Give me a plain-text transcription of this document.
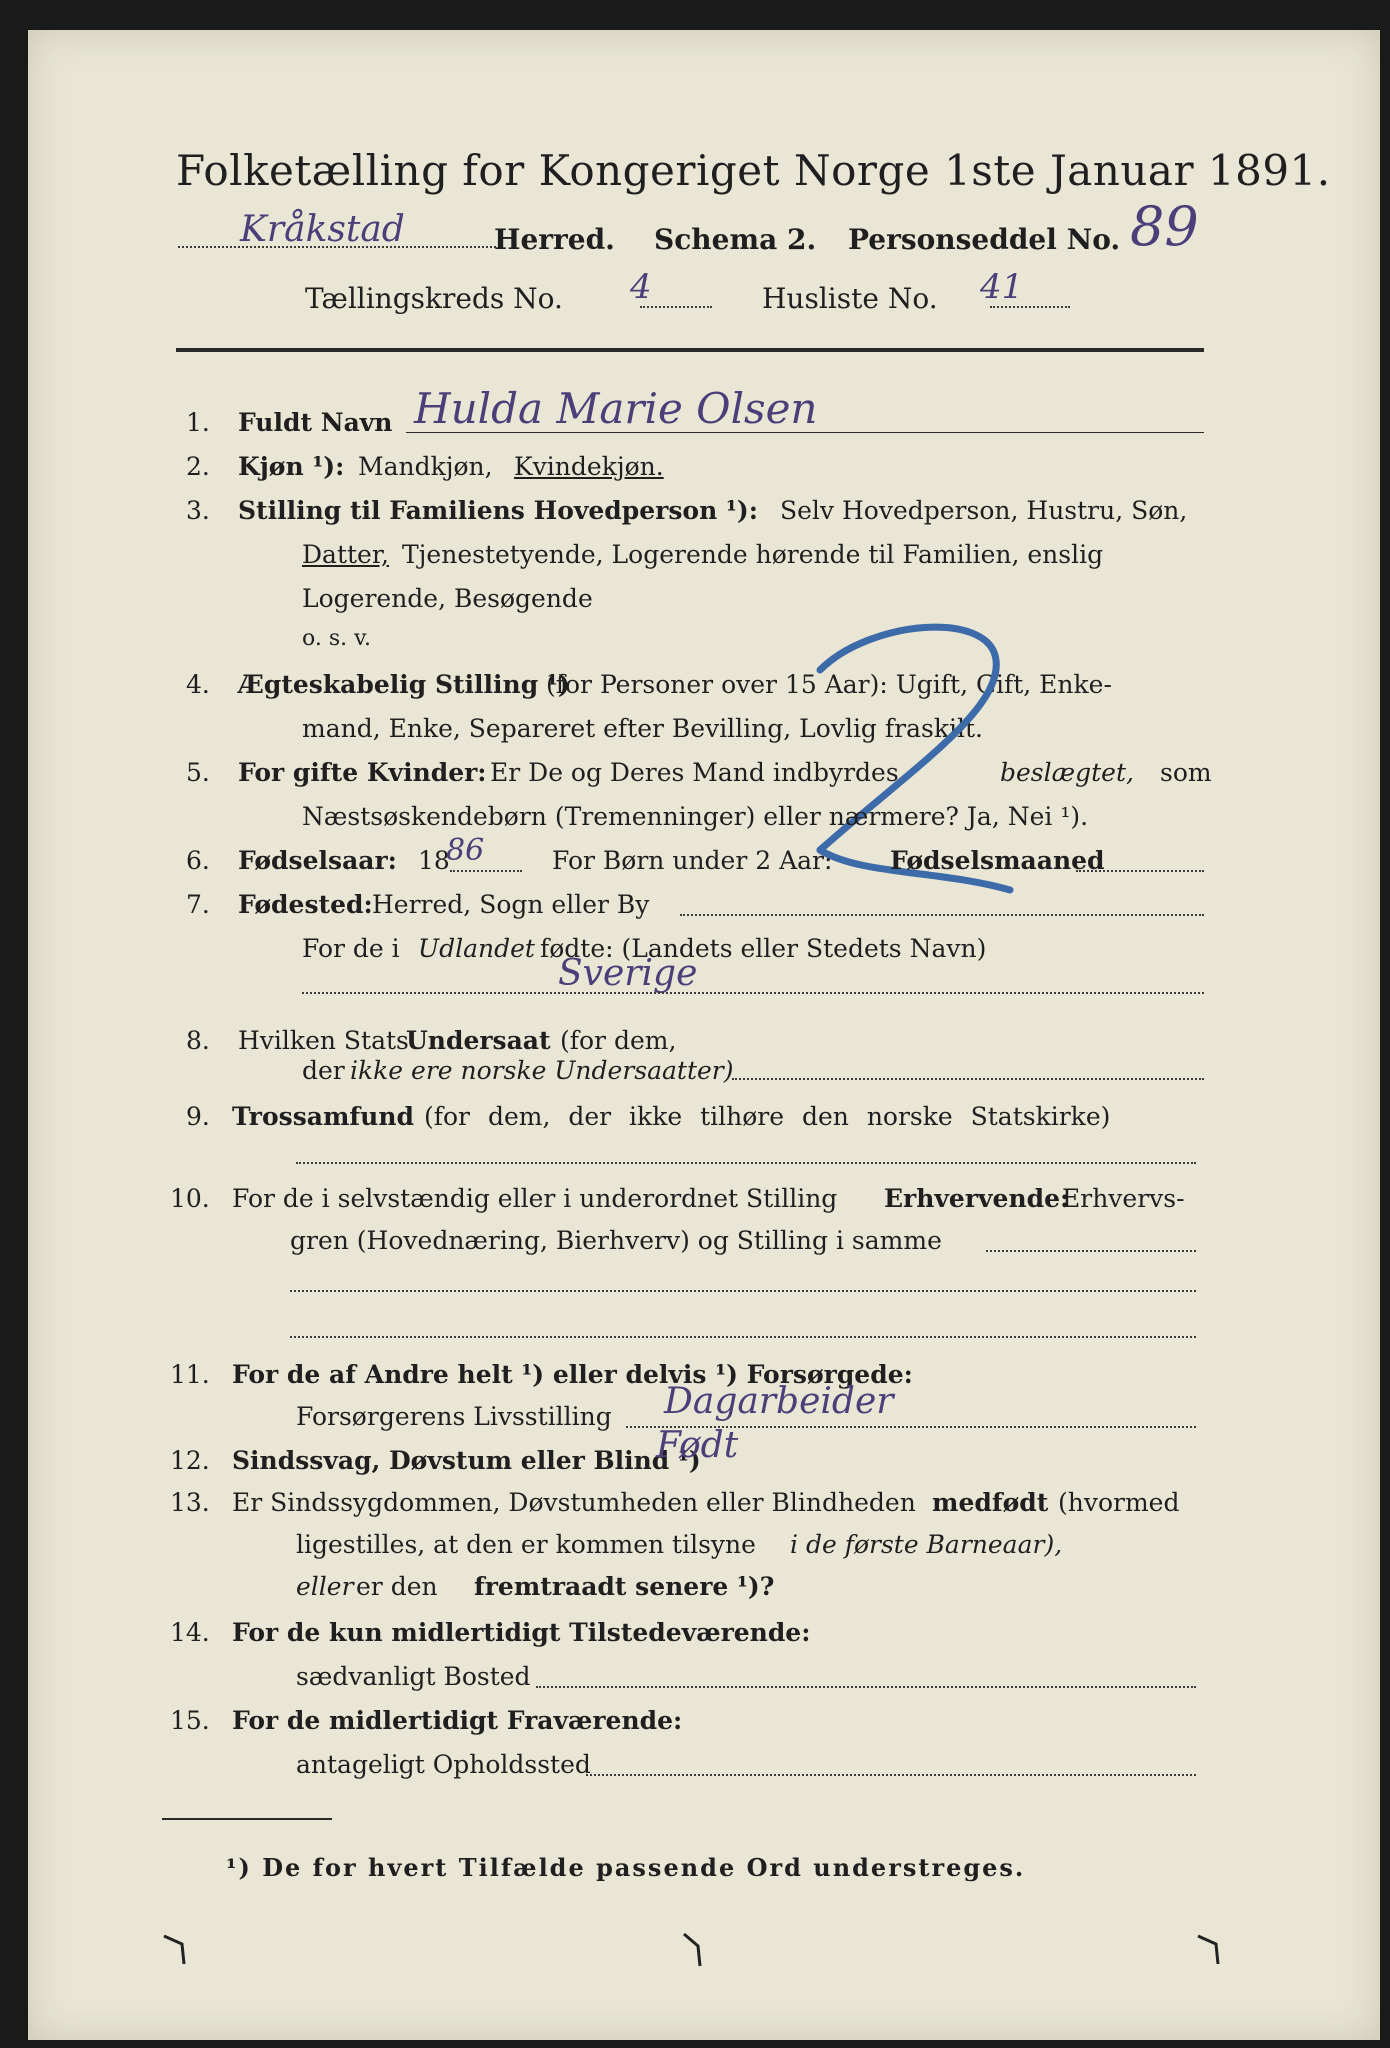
Folketælling for Kongeriget Norge 1ste Januar 1891.
Kråkstad	Herred. Schema 2. Personseddel No. 89
Tællingskreds No. 4	Husliste No. 41
1. Fuldt Navn Hulda Marie Olsen
2. Kjøn ¹): Mandkjøn, Kvindekjøn.
3. Stilling til Familiens Hovedperson ¹): Selv Hovedperson, Hustru, Søn,
Datter, Tjenestetyende, Logerende hørende til Familien, enslig
Logerende, Besøgende
o. s. v.
4. Ægteskabelig Stilling ¹)
(for Personer over 15 Aar): Ugift, Gift, Enke-
mand, Enke, Separeret efter Bevilling, Lovlig fraskilt.
5. For gifte Kvinder: Er De og Deres Mand indbyrdes	beslægtet, som
Næstsøskendebørn (Tremenninger) eller nærmere? Ja, Nei ¹).
6. Fødselsaar: 18
86	For Børn under 2 Aar: Fødselsmaaned
7. Fødested: Herred, Sogn eller By
For de i Udlandet fødte: (Landets eller Stedets Navn)
Sverige
8. Hvilken Stats
Undersaat (for dem,
der ikke ere norske Undersaatter)
9. Trossamfund (for dem, der ikke tilhøre den norske Statskirke)
10. For de i selvstændig eller i underordnet Stilling Erhvervende:
Erhvervs-
gren (Hovednæring, Bierhverv) og Stilling i samme
11. For de af Andre helt ¹) eller delvis ¹) Forsørgede:
Forsørgerens Livsstilling Dagarbeider
12. Sindssvag, Døvstum eller Blind ¹)
Født
13. Er Sindssygdommen, Døvstumheden eller Blindheden medfødt (hvormed
ligestilles, at den er kommen tilsyne i de første Barneaar),
eller er den fremtraadt senere ¹)?
14. For de kun midlertidigt Tilstedeværende:
sædvanligt Bosted
15. For de midlertidigt Fraværende:
antageligt Opholdssted
¹) De for hvert Tilfælde passende Ord understreges.
